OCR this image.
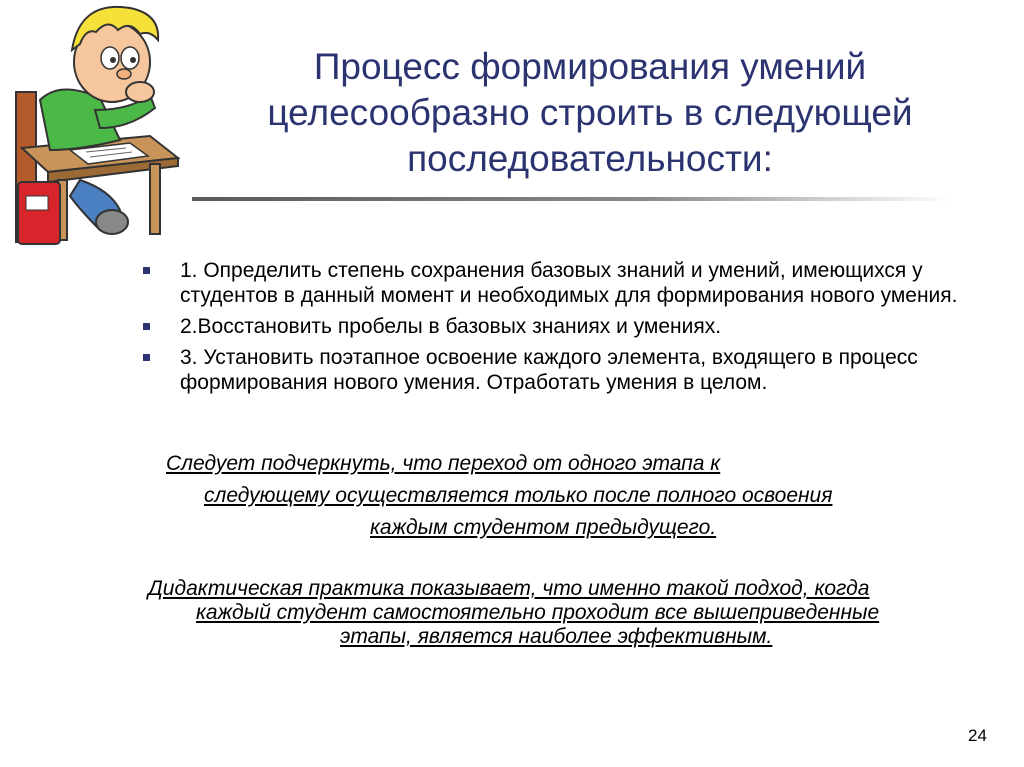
Процесс формирования умений целесообразно строить в следующей последовательности:
1. Определить степень сохранения базовых знаний и умений, имеющихся у студентов в данный момент и необходимых для формирования нового умения.
2.Восстановить пробелы в базовых знаниях и умениях.
3. Установить поэтапное освоение каждого элемента, входящего в процесс формирования нового умения. Отработать умения в целом.
Следует подчеркнуть, что переход от одного этапа к
следующему осуществляется только после полного освоения
каждым студентом предыдущего.
Дидактическая практика показывает, что именно такой подход, когда
каждый студент самостоятельно проходит все вышеприведенные
этапы, является наиболее эффективным.
24
